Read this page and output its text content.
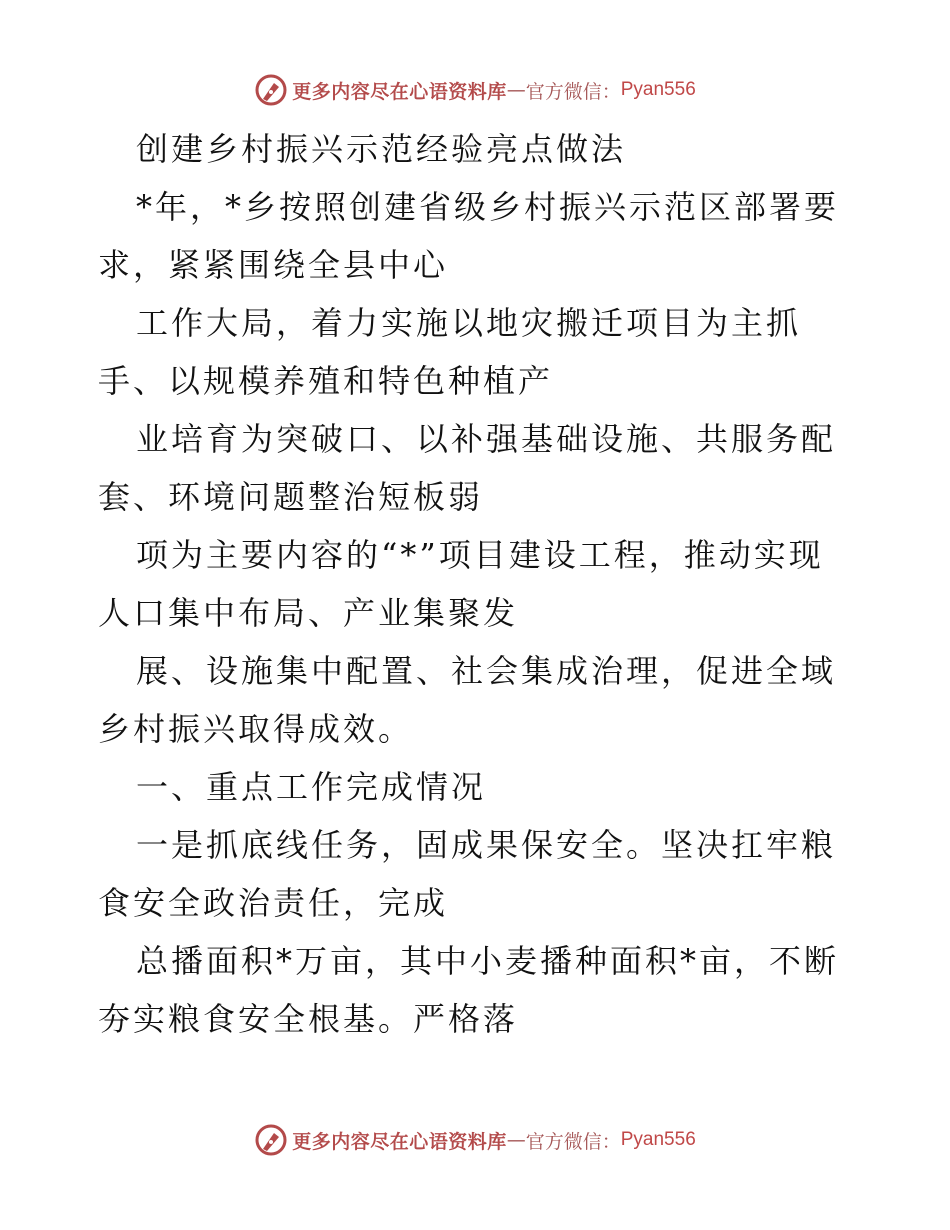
更多内容尽在心语资料库 — 官方微信： Pyan556

创建乡村振兴示范经验亮点做法

*年，*乡按照创建省级乡村振兴示范区部署要求，紧紧围绕全县中心

工作大局，着力实施以地灾搬迁项目为主抓手、以规模养殖和特色种植产

业培育为突破口、以补强基础设施、共服务配套、环境问题整治短板弱

项为主要内容的“*”项目建设工程，推动实现人口集中布局、产业集聚发

展、设施集中配置、社会集成治理，促进全域乡村振兴取得成效。

一、重点工作完成情况

一是抓底线任务，固成果保安全。坚决扛牢粮食安全政治责任，完成

总播面积*万亩，其中小麦播种面积*亩，不断夯实粮食安全根基。严格落

更多内容尽在心语资料库 — 官方微信： Pyan556
